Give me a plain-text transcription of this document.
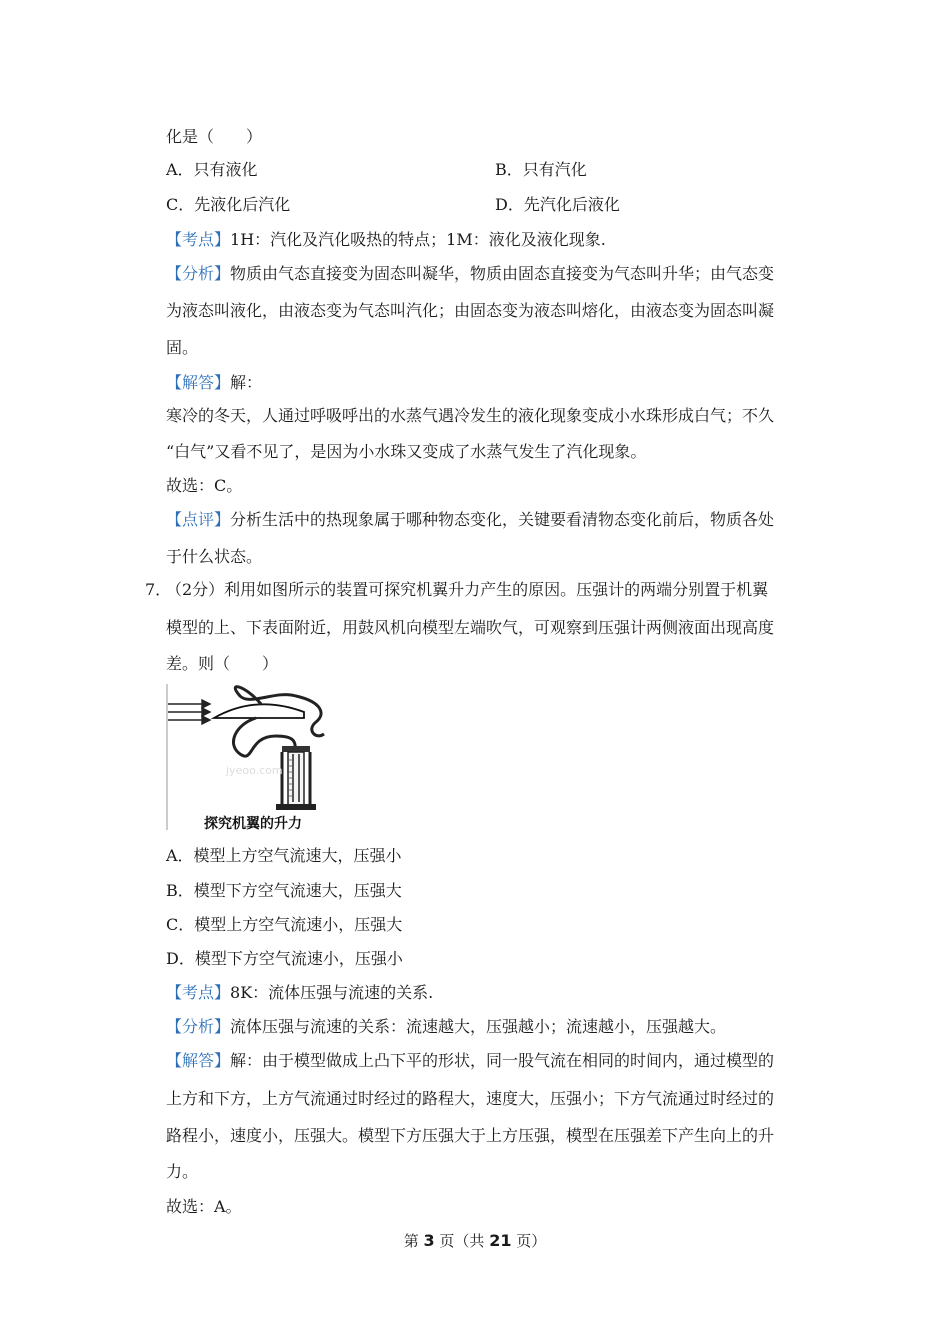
化是（　　）
A．只有液化	B．只有汽化
C．先液化后汽化	D．先汽化后液化
【考点】1H：汽化及汽化吸热的特点；1M：液化及液化现象.
【分析】物质由气态直接变为固态叫凝华，物质由固态直接变为气态叫升华；由气态变
为液态叫液化，由液态变为气态叫汽化；由固态变为液态叫熔化，由液态变为固态叫凝
固。
【解答】解：
寒冷的冬天，人通过呼吸呼出的水蒸气遇冷发生的液化现象变成小水珠形成白气；不久
“白气”又看不见了，是因为小水珠又变成了水蒸气发生了汽化现象。
故选：C。
【点评】分析生活中的热现象属于哪种物态变化，关键要看清物态变化前后，物质各处
于什么状态。
7．
（2分）利用如图所示的装置可探究机翼升力产生的原因。压强计的两端分别置于机翼
模型的上、下表面附近，用鼓风机向模型左端吹气，可观察到压强计两侧液面出现高度
差。则（　　）
jyeoo.com
探究机翼的升力
A．模型上方空气流速大，压强小
B．模型下方空气流速大，压强大
C．模型上方空气流速小，压强大
D．模型下方空气流速小，压强小
【考点】8K：流体压强与流速的关系.
【分析】流体压强与流速的关系：流速越大，压强越小；流速越小，压强越大。
【解答】解：由于模型做成上凸下平的形状，同一股气流在相同的时间内，通过模型的
上方和下方，上方气流通过时经过的路程大，速度大，压强小；下方气流通过时经过的
路程小，速度小，压强大。模型下方压强大于上方压强，模型在压强差下产生向上的升
力。
故选：A。
第 3 页（共 21 页）
